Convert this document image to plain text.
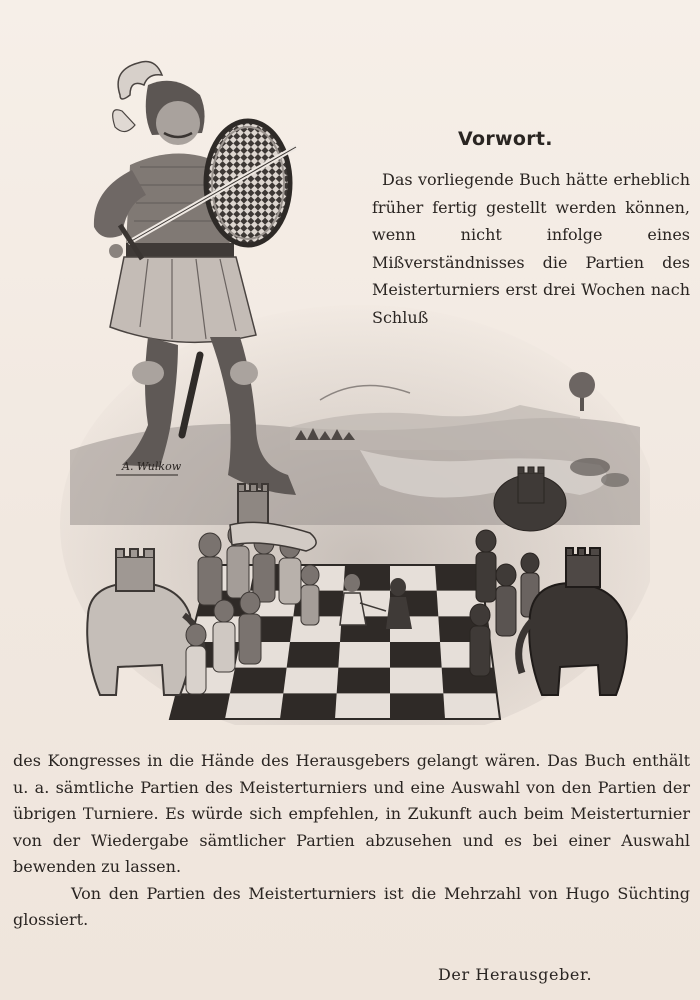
A. Wulkow
Vorwort.

Das vorliegende Buch hätte erheblich früher fertig gestellt werden können, wenn nicht infolge eines Mißverständnisses die Partien des Meisterturniers erst drei Wochen nach Schluß

des Kongresses in die Hände des Herausgebers gelangt wären. Das Buch enthält u. a. sämtliche Partien des Meisterturniers und eine Auswahl von den Partien der übrigen Turniere. Es würde sich empfehlen, in Zukunft auch beim Meisterturnier von der Wiedergabe sämtlicher Partien abzusehen und es bei einer Auswahl bewenden zu lassen.

Von den Partien des Meisterturniers ist die Mehrzahl von Hugo Süchting glossiert.

Der Herausgeber.
